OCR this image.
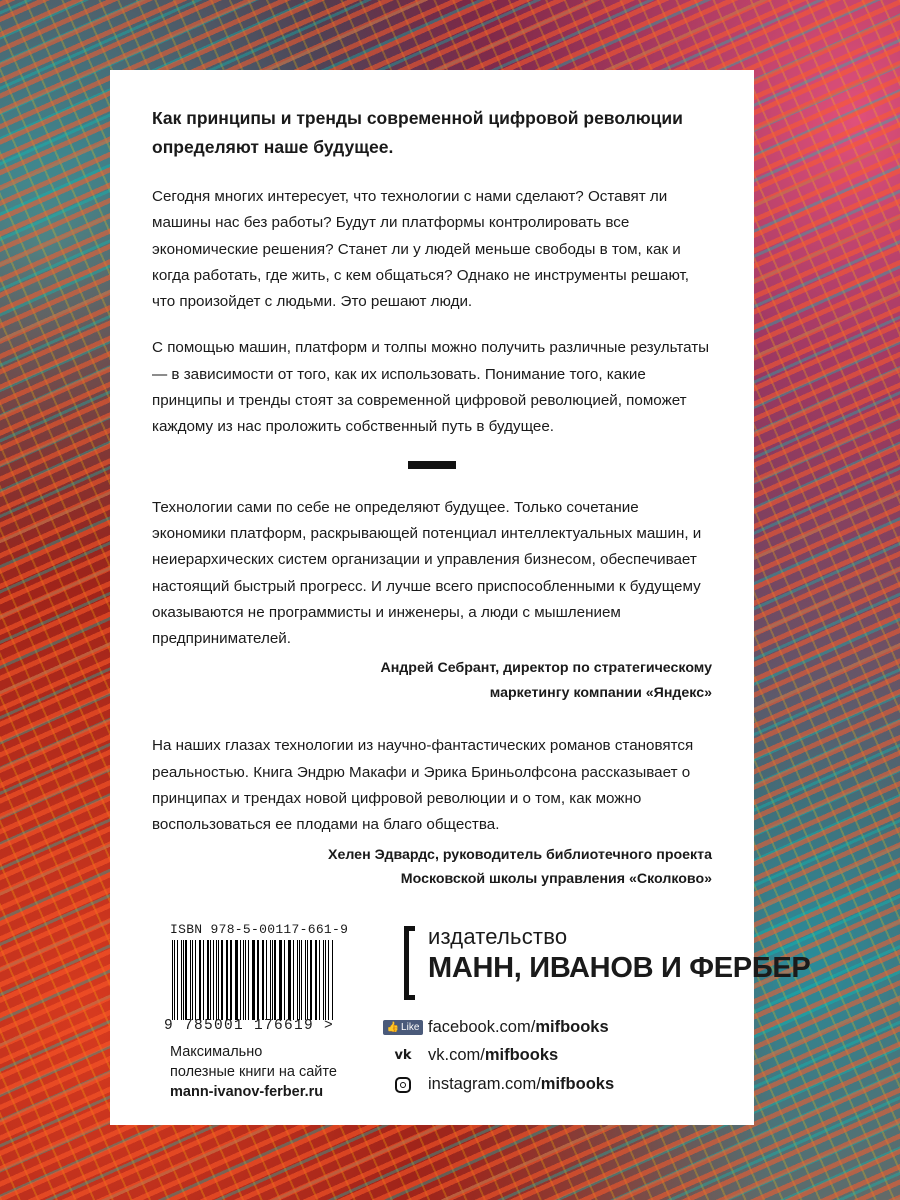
Как принципы и тренды современной цифровой революции определяют наше будущее.

Сегодня многих интересует, что технологии с нами сделают? Оставят ли машины нас без работы? Будут ли платформы контролировать все экономические решения? Станет ли у людей меньше свободы в том, как и когда работать, где жить, с кем общаться? Однако не инструменты решают, что произойдет с людьми. Это решают люди.

С помощью машин, платформ и толпы можно получить различные результаты — в зависимости от того, как их использовать. Понимание того, какие принципы и тренды стоят за современной цифровой революцией, поможет каждому из нас проложить собственный путь в будущее.

Технологии сами по себе не определяют будущее. Только сочетание экономики платформ, раскрывающей потенциал интеллектуальных машин, и неиерархических систем организации и управления бизнесом, обеспечивает настоящий быстрый прогресс. И лучше всего приспособленными к будущему оказываются не программисты и инженеры, а люди с мышлением предпринимателей.

Андрей Себрант, директор по стратегическому
маркетингу компании «Яндекс»

На наших глазах технологии из научно-фантастических романов становятся реальностью. Книга Эндрю Макафи и Эрика Бриньолфсона рассказывает о принципах и трендах новой цифровой революции и о том, как можно воспользоваться ее плодами на благо общества.

Хелен Эдвардс, руководитель библиотечного проекта
Московской школы управления «Сколково»

ISBN 978-5-00117-661-9
9 785001 176619 >
Максимально
полезные книги на сайте
mann-ivanov-ferber.ru
издательство
МАНН, ИВАНОВ И ФЕРБЕР
👍 Like facebook.com/mifbooks
vk vk.com/mifbooks
instagram.com/mifbooks
